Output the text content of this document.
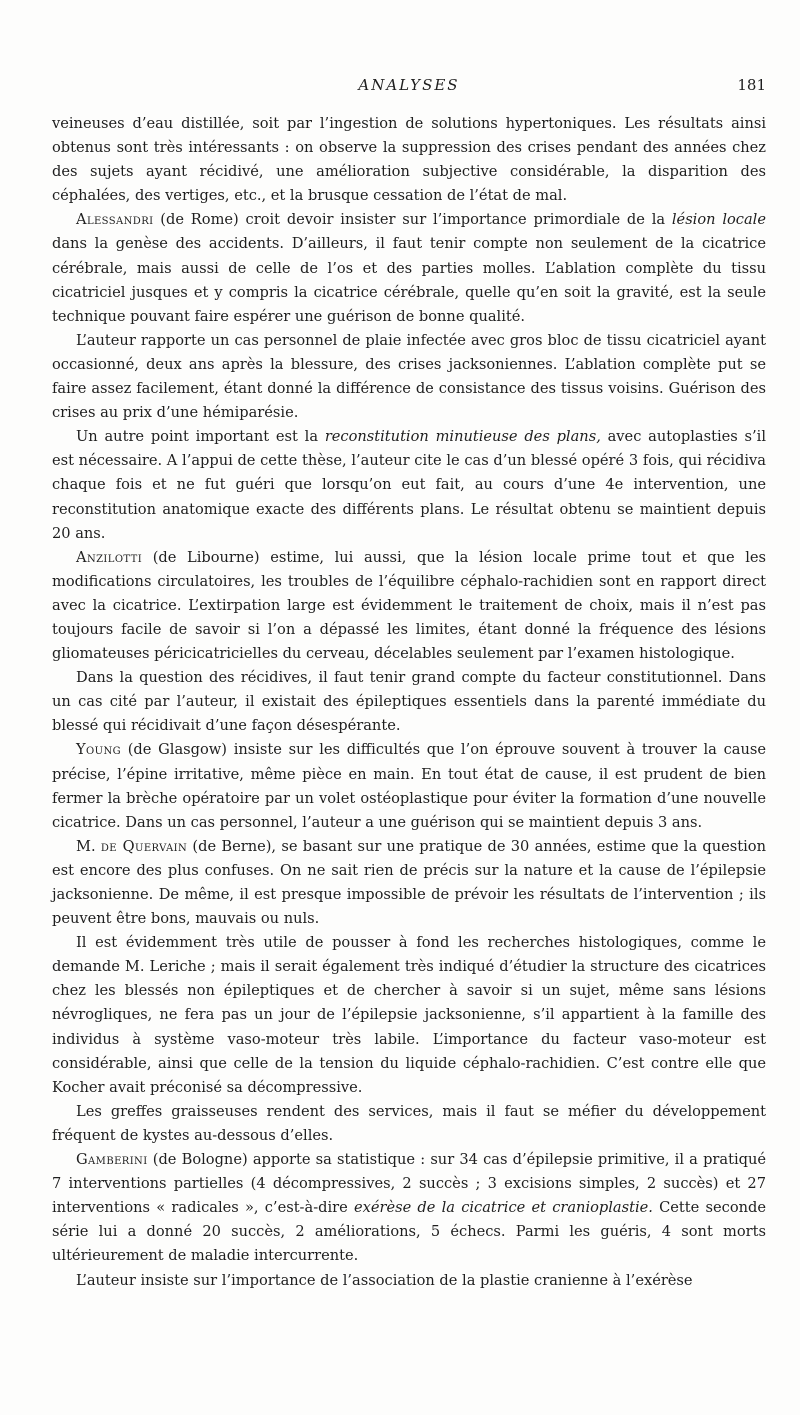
ANALYSES	181

veineuses d’eau distillée, soit par l’ingestion de solutions hypertoniques. Les résultats ainsi obtenus sont très intéressants : on observe la suppression des crises pendant des années chez des sujets ayant récidivé, une amélioration subjective considérable, la disparition des céphalées, des vertiges, etc., et la brusque cessation de l’état de mal.

Alessandri (de Rome) croit devoir insister sur l’importance primordiale de la lésion locale dans la genèse des accidents. D’ailleurs, il faut tenir compte non seulement de la cicatrice cérébrale, mais aussi de celle de l’os et des parties molles. L’ablation complète du tissu cicatriciel jusques et y compris la cicatrice cérébrale, quelle qu’en soit la gravité, est la seule technique pouvant faire espérer une guérison de bonne qualité.

L’auteur rapporte un cas personnel de plaie infectée avec gros bloc de tissu cicatriciel ayant occasionné, deux ans après la blessure, des crises jacksoniennes. L’ablation complète put se faire assez facilement, étant donné la différence de consistance des tissus voisins. Guérison des crises au prix d’une hémiparésie.

Un autre point important est la reconstitution minutieuse des plans, avec autoplasties s’il est nécessaire. A l’appui de cette thèse, l’auteur cite le cas d’un blessé opéré 3 fois, qui récidiva chaque fois et ne fut guéri que lorsqu’on eut fait, au cours d’une 4e intervention, une reconstitution anatomique exacte des différents plans. Le résultat obtenu se maintient depuis 20 ans.

Anzilotti (de Libourne) estime, lui aussi, que la lésion locale prime tout et que les modifications circulatoires, les troubles de l’équilibre céphalo-rachidien sont en rapport direct avec la cicatrice. L’extirpation large est évidemment le traitement de choix, mais il n’est pas toujours facile de savoir si l’on a dépassé les limites, étant donné la fréquence des lésions gliomateuses péricicatricielles du cerveau, décelables seulement par l’examen histologique.

Dans la question des récidives, il faut tenir grand compte du facteur constitutionnel. Dans un cas cité par l’auteur, il existait des épileptiques essentiels dans la parenté immédiate du blessé qui récidivait d’une façon désespérante.

Young (de Glasgow) insiste sur les difficultés que l’on éprouve souvent à trouver la cause précise, l’épine irritative, même pièce en main. En tout état de cause, il est prudent de bien fermer la brèche opératoire par un volet ostéoplastique pour éviter la formation d’une nouvelle cicatrice. Dans un cas personnel, l’auteur a une guérison qui se maintient depuis 3 ans.

M. de Quervain (de Berne), se basant sur une pratique de 30 années, estime que la question est encore des plus confuses. On ne sait rien de précis sur la nature et la cause de l’épilepsie jacksonienne. De même, il est presque impossible de prévoir les résultats de l’intervention ; ils peuvent être bons, mauvais ou nuls.

Il est évidemment très utile de pousser à fond les recherches histologiques, comme le demande M. Leriche ; mais il serait également très indiqué d’étudier la structure des cicatrices chez les blessés non épileptiques et de chercher à savoir si un sujet, même sans lésions névrogliques, ne fera pas un jour de l’épilepsie jacksonienne, s’il appartient à la famille des individus à système vaso-moteur très labile. L’importance du facteur vaso-moteur est considérable, ainsi que celle de la tension du liquide céphalo-rachidien. C’est contre elle que Kocher avait préconisé sa décompressive.

Les greffes graisseuses rendent des services, mais il faut se méfier du développement fréquent de kystes au-dessous d’elles.

Gamberini (de Bologne) apporte sa statistique : sur 34 cas d’épilepsie primitive, il a pratiqué 7 interventions partielles (4 décompressives, 2 succès ; 3 excisions simples, 2 succès) et 27 interventions « radicales », c’est-à-dire exérèse de la cicatrice et cranioplastie. Cette seconde série lui a donné 20 succès, 2 améliorations, 5 échecs. Parmi les guéris, 4 sont morts ultérieurement de maladie intercurrente.

L’auteur insiste sur l’importance de l’association de la plastie cranienne à l’exérèse
